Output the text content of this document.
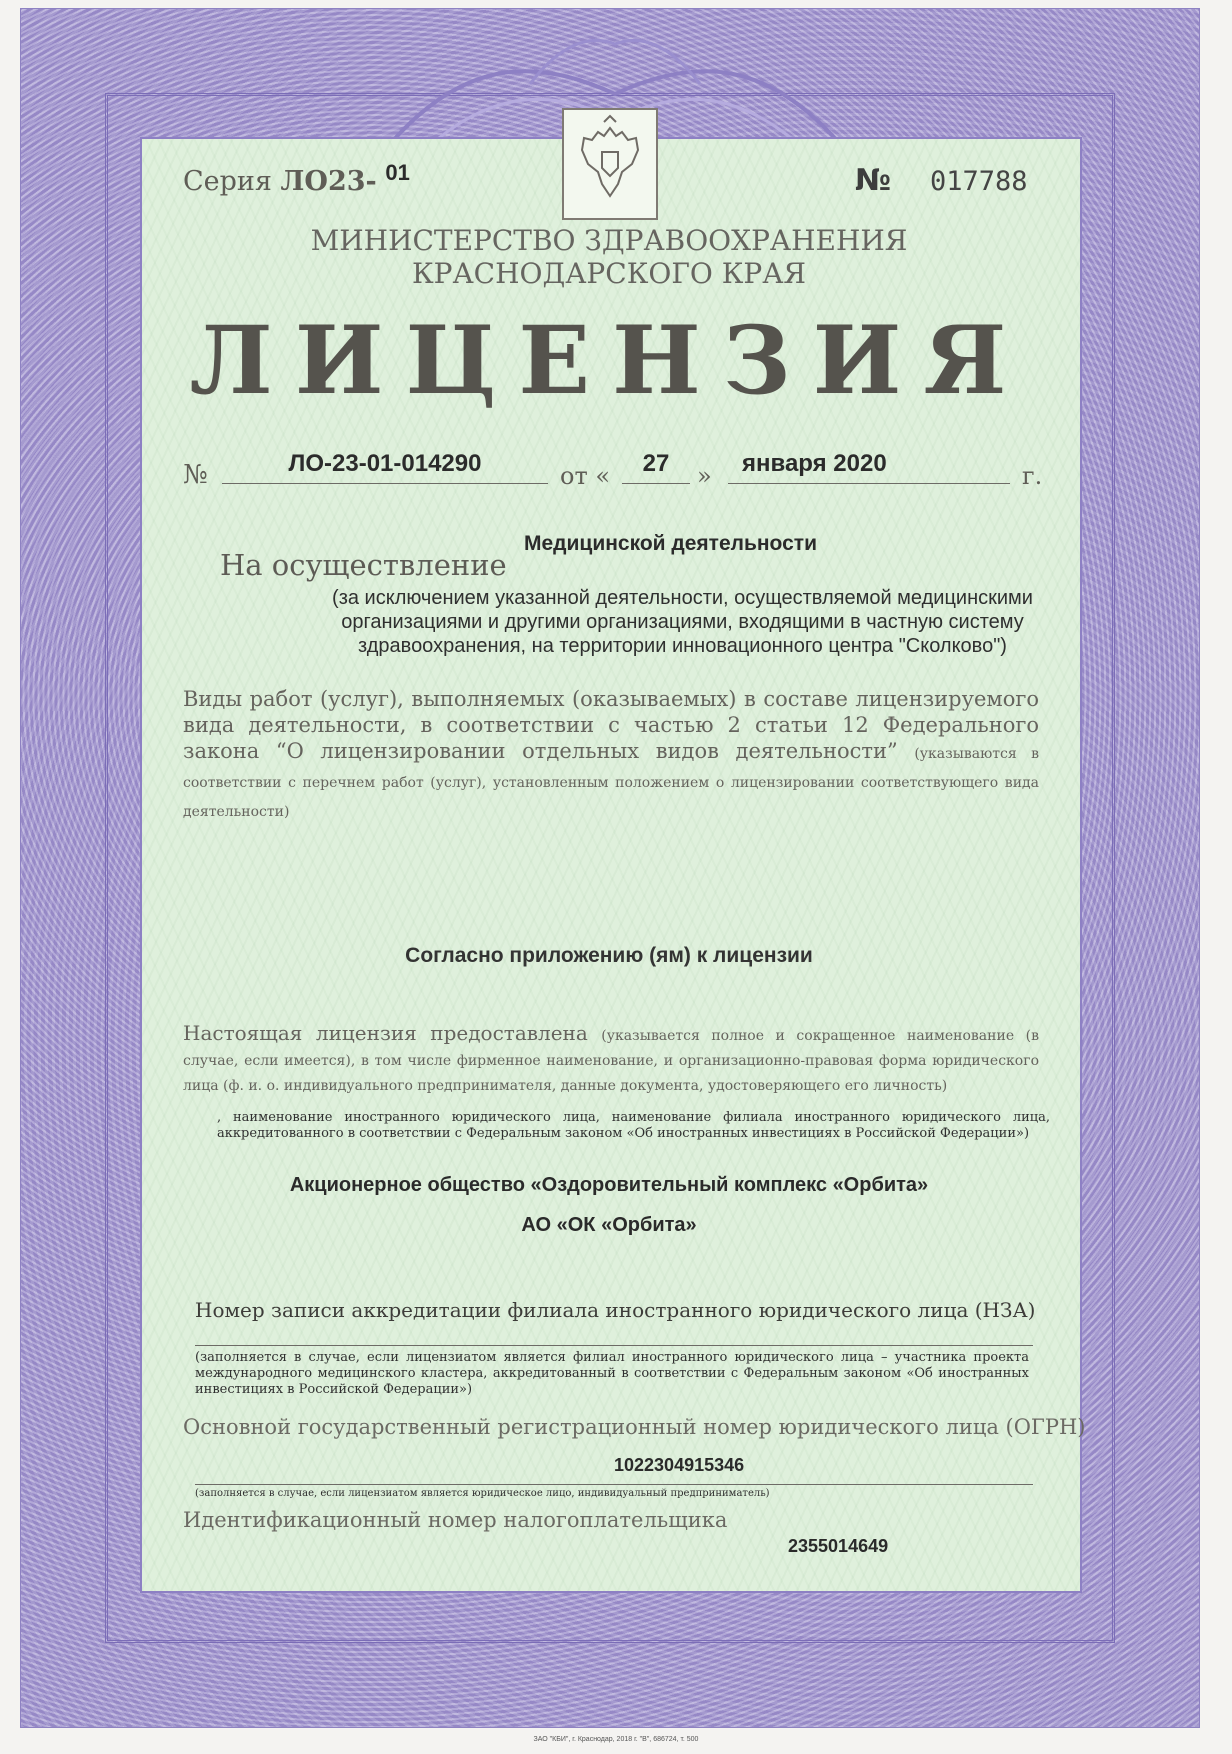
Серия ЛО23- $^{01}$	№ 017788
МИНИСТЕРСТВО ЗДРАВООХРАНЕНИЯ
КРАСНОДАРСКОГО КРАЯ
ЛИЦЕНЗИЯ
№	ЛО-23-01-014290	от «	27	» января 2020	г.
На осуществление
Медицинской деятельности
(за исключением указанной деятельности, осуществляемой медицинскими организациями и другими организациями, входящими в частную систему здравоохранения, на территории инновационного центра "Сколково")
Виды работ (услуг), выполняемых (оказываемых) в составе лицензируемого вида деятельности, в соответствии с частью 2 статьи 12 Федерального закона “О лицензировании отдельных видов деятельности” (указываются в соответствии с перечнем работ (услуг), установленным положением о лицензировании соответствующего вида деятельности)
Согласно приложению (ям) к лицензии
Настоящая лицензия предоставлена (указывается полное и сокращенное наименование (в случае, если имеется), в том числе фирменное наименование, и организационно-правовая форма юридического лица (ф. и. о. индивидуального предпринимателя, данные документа, удостоверяющего его личность)
, наименование иностранного юридического лица, наименование филиала иностранного юридического лица, аккредитованного в соответствии с Федеральным законом «Об иностранных инвестициях в Российской Федерации»)
Акционерное общество «Оздоровительный комплекс «Орбита»
АО «ОК «Орбита»
Номер записи аккредитации филиала иностранного юридического лица (НЗА)
(заполняется в случае, если лицензиатом является филиал иностранного юридического лица – участника проекта международного медицинского кластера, аккредитованный в соответствии с Федеральным законом «Об иностранных инвестициях в Российской Федерации»)
Основной государственный регистрационный номер юридического лица (ОГРН)
1022304915346
(заполняется в случае, если лицензиатом является юридическое лицо, индивидуальный предприниматель)
Идентификационный номер налогоплательщика
2355014649
ЗАО "КБИ", г. Краснодар, 2018 г. "В", 686724, т. 500
